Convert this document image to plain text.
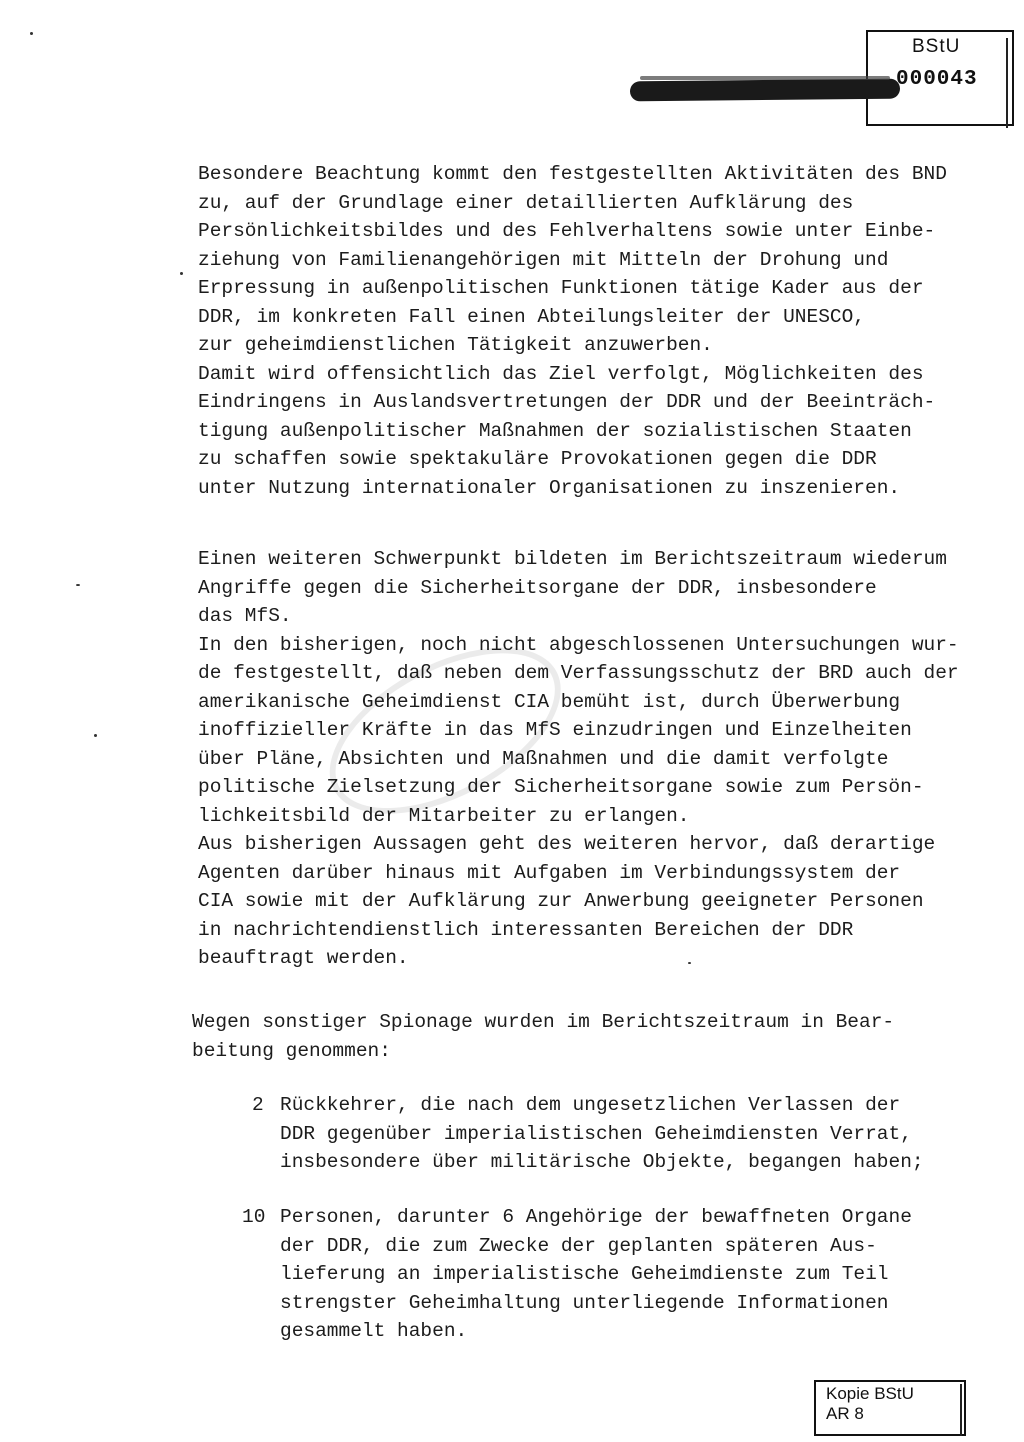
BStU
000043

Besondere Beachtung kommt den festgestellten Aktivitäten des BND
zu, auf der Grundlage einer detaillierten Aufklärung des
Persönlichkeitsbildes und des Fehlverhaltens sowie unter Einbe-
ziehung von Familienangehörigen mit Mitteln der Drohung und
Erpressung in außenpolitischen Funktionen tätige Kader aus der
DDR, im konkreten Fall einen Abteilungsleiter der UNESCO,
zur geheimdienstlichen Tätigkeit anzuwerben.
Damit wird offensichtlich das Ziel verfolgt, Möglichkeiten des
Eindringens in Auslandsvertretungen der DDR und der Beeinträch-
tigung außenpolitischer Maßnahmen der sozialistischen Staaten
zu schaffen sowie spektakuläre Provokationen gegen die DDR
unter Nutzung internationaler Organisationen zu inszenieren.

Einen weiteren Schwerpunkt bildeten im Berichtszeitraum wiederum
Angriffe gegen die Sicherheitsorgane der DDR, insbesondere
das MfS.
In den bisherigen, noch nicht abgeschlossenen Untersuchungen wur-
de festgestellt, daß neben dem Verfassungsschutz der BRD auch der
amerikanische Geheimdienst CIA bemüht ist, durch Überwerbung
inoffizieller Kräfte in das MfS einzudringen und Einzelheiten
über Pläne, Absichten und Maßnahmen und die damit verfolgte
politische Zielsetzung der Sicherheitsorgane sowie zum Persön-
lichkeitsbild der Mitarbeiter zu erlangen.
Aus bisherigen Aussagen geht des weiteren hervor, daß derartige
Agenten darüber hinaus mit Aufgaben im Verbindungssystem der
CIA sowie mit der Aufklärung zur Anwerbung geeigneter Personen
in nachrichtendienstlich interessanten Bereichen der DDR
beauftragt werden.

Wegen sonstiger Spionage wurden im Berichtszeitraum in Bear-
beitung genommen:

2 Rückkehrer, die nach dem ungesetzlichen Verlassen der
DDR gegenüber imperialistischen Geheimdiensten Verrat,
insbesondere über militärische Objekte, begangen haben;

10 Personen, darunter 6 Angehörige der bewaffneten Organe
der DDR, die zum Zwecke der geplanten späteren Aus-
lieferung an imperialistische Geheimdienste zum Teil
strengster Geheimhaltung unterliegende Informationen
gesammelt haben.

Kopie BStU
AR 8
